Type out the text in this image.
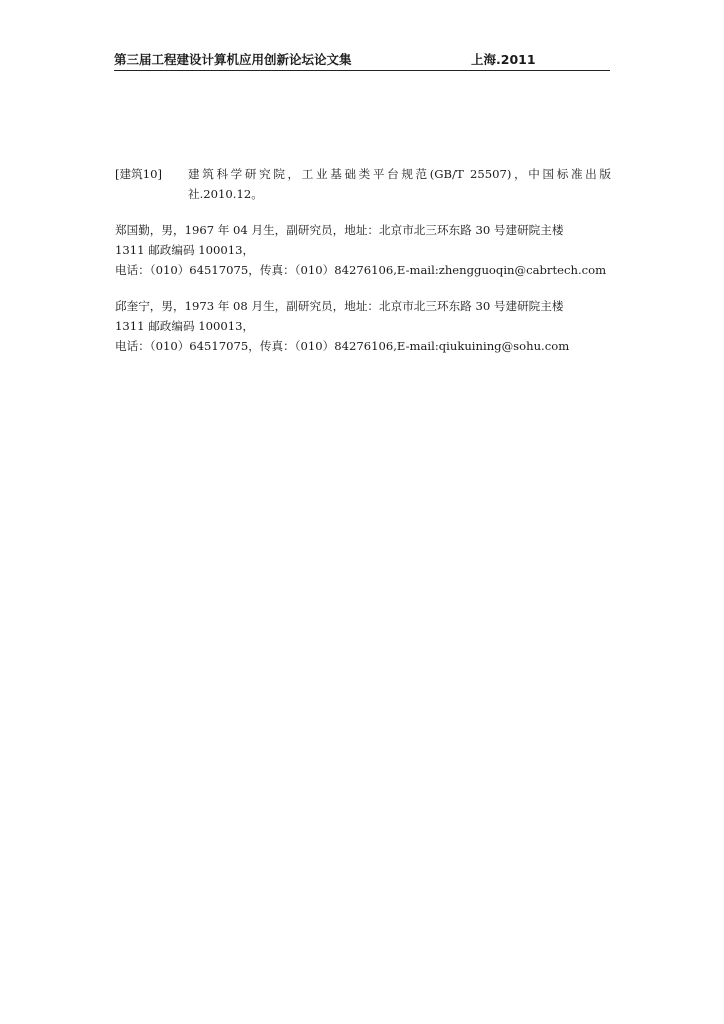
第三届工程建设计算机应用创新论坛论文集	上海.2011
[建筑10] 建筑科学研究院，工业基础类平台规范(GB/T 25507)，中国标准出版社.2010.12。
郑国勤，男，1967 年 04 月生，副研究员，地址：北京市北三环东路 30 号建研院主楼
1311 邮政编码 100013，
电话：（010）64517075，传真：（010）84276106,E-mail:zhengguoqin@cabrtech.com
邱奎宁，男，1973 年 08 月生，副研究员，地址：北京市北三环东路 30 号建研院主楼
1311 邮政编码 100013，
电话：（010）64517075，传真：（010）84276106,E-mail:qiukuining@sohu.com
